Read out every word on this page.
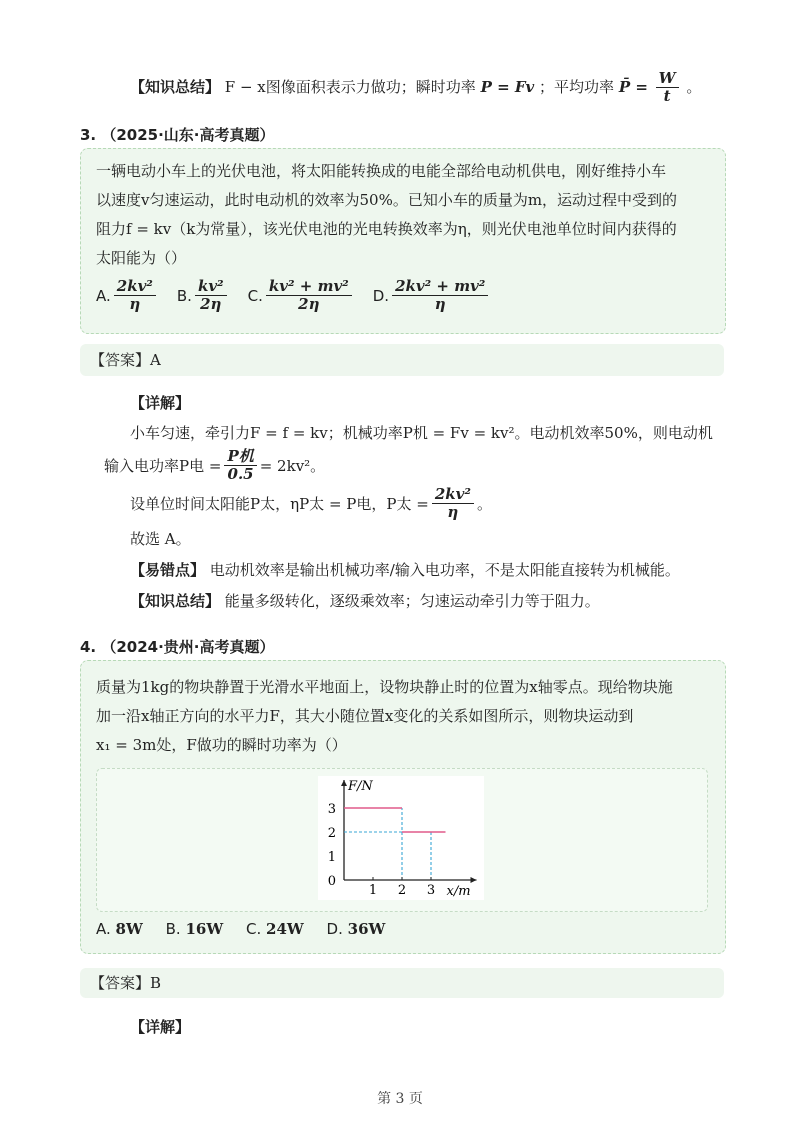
【知识总结】 F − x图像面积表示力做功；瞬时功率 P = Fv ；平均功率 P̄ = $\frac{W}{t}$ 。
3. （2025·山东·高考真题）
一辆电动小车上的光伏电池，将太阳能转换成的电能全部给电动机供电，刚好维持小车
以速度v匀速运动，此时电动机的效率为50%。已知小车的质量为m，运动过程中受到的
阻力f = kv（k为常量），该光伏电池的光电转换效率为η，则光伏电池单位时间内获得的
太阳能为（）
A. $\frac{\text{2kv²}}{\eta} B$. $\frac{\text{kv²}}{2\eta} C$. $\frac{\text{kv² + mv²}}{2\eta} D$. $\frac{\text{2kv² + mv²}}{\eta}$
【答案】A
【详解】
小车匀速，牵引力F = f = kv；机械功率P机 = Fv = kv²。电动机效率50%，则电动机
输入电功率P电 = $\frac{\text{P机}}{0.5} = 2kv^2$。
设单位时间太阳能P太，ηP太 = P电，P太 = $\frac{\text{2kv²}}{\eta}$ 。
故选 A。
【易错点】 电动机效率是输出机械功率/输入电功率，不是太阳能直接转为机械能。
【知识总结】 能量多级转化，逐级乘效率；匀速运动牵引力等于阻力。
4. （2024·贵州·高考真题）
质量为1kg的物块静置于光滑水平地面上，设物块静止时的位置为x轴零点。现给物块施
加一沿x轴正方向的水平力F，其大小随位置x变化的关系如图所示，则物块运动到
x₁ = 3m处，F做功的瞬时功率为（）
1 2 3
0
1
2
3
F/N
x/m
A.
8W
B.
16W
C.
24W
D.
36W
【答案】B
【详解】
第 3 页
